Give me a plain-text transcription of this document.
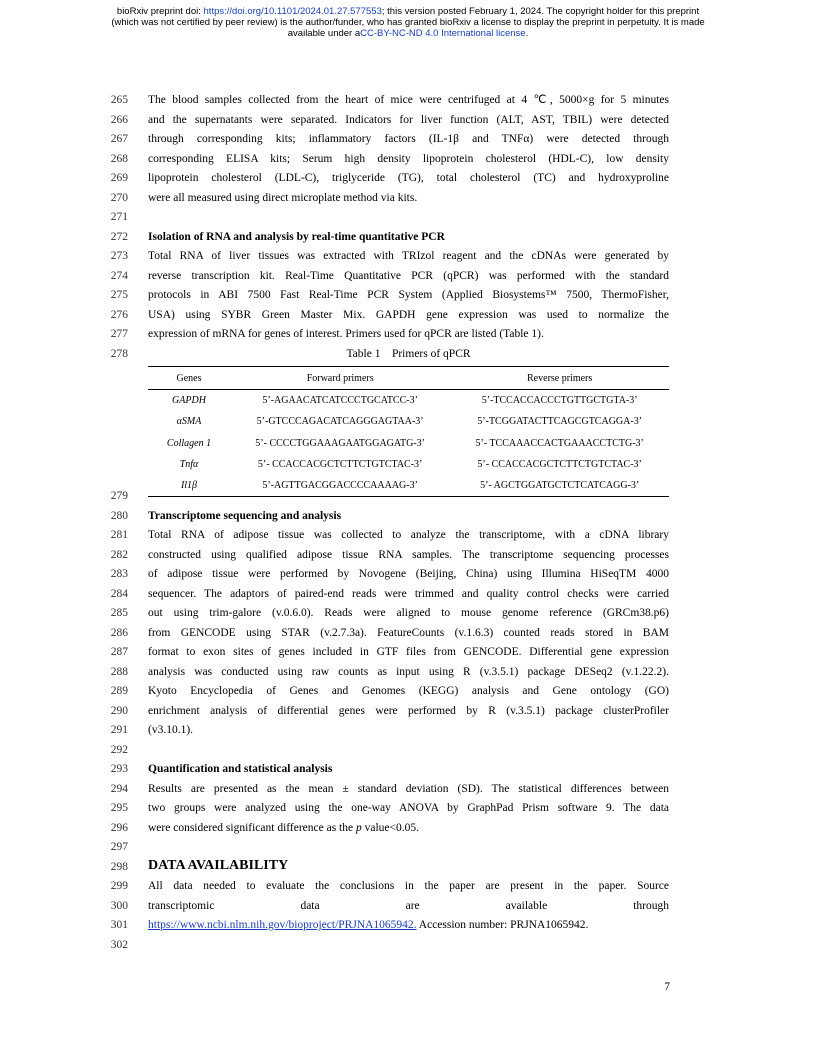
bioRxiv preprint doi: https://doi.org/10.1101/2024.01.27.577553; this version posted February 1, 2024. The copyright holder for this preprint
(which was not certified by peer review) is the author/funder, who has granted bioRxiv a license to display the preprint in perpetuity. It is made
available under aCC-BY-NC-ND 4.0 International license.
265
266
267
268
269
270
271
272
273
274
275
276
277
278
279
280
281
282
283
284
285
286
287
288
289
290
291
292
293
294
295
296
297
298
299
300
301
302
The blood samples collected from the heart of mice were centrifuged at 4 ℃, 5000×g for 5 minutes
and the supernatants were separated. Indicators for liver function (ALT, AST, TBIL) were detected
through corresponding kits; inflammatory factors (IL-1β and TNFα) were detected through
corresponding ELISA kits; Serum high density lipoprotein cholesterol (HDL-C), low density
lipoprotein cholesterol (LDL-C), triglyceride (TG), total cholesterol (TC) and hydroxyproline
were all measured using direct microplate method via kits.
Isolation of RNA and analysis by real-time quantitative PCR
Total RNA of liver tissues was extracted with TRIzol reagent and the cDNAs were generated by
reverse transcription kit. Real-Time Quantitative PCR (qPCR) was performed with the standard
protocols in ABI 7500 Fast Real-Time PCR System (Applied Biosystems™ 7500, ThermoFisher,
USA) using SYBR Green Master Mix. GAPDH gene expression was used to normalize the
expression of mRNA for genes of interest. Primers used for qPCR are listed (Table 1).
Table 1    Primers of qPCR
Genes	Forward primers	Reverse primers
GAPDH	5’-AGAACATCATCCCTGCATCC-3’	5’-TCCACCACCCTGTTGCTGTA-3’
αSMA	5’-GTCCCAGACATCAGGGAGTAA-3’	5’-TCGGATACTTCAGCGTCAGGA-3’
Collagen 1	5’- CCCCTGGAAAGAATGGAGATG-3’	5’- TCCAAACCACTGAAACCTCTG-3’
Tnfα	5’- CCACCACGCTCTTCTGTCTAC-3’	5’- CCACCACGCTCTTCTGTCTAC-3’
Il1β	5’-AGTTGACGGACCCCAAAAG-3’	5’- AGCTGGATGCTCTCATCAGG-3’
Transcriptome sequencing and analysis
Total RNA of adipose tissue was collected to analyze the transcriptome, with a cDNA library
constructed using qualified adipose tissue RNA samples. The transcriptome sequencing processes
of adipose tissue were performed by Novogene (Beijing, China) using Illumina HiSeqTM 4000
sequencer. The adaptors of paired-end reads were trimmed and quality control checks were carried
out using trim-galore (v.0.6.0). Reads were aligned to mouse genome reference (GRCm38.p6)
from GENCODE using STAR (v.2.7.3a). FeatureCounts (v.1.6.3) counted reads stored in BAM
format to exon sites of genes included in GTF files from GENCODE. Differential gene expression
analysis was conducted using raw counts as input using R (v.3.5.1) package DESeq2 (v.1.22.2).
Kyoto Encyclopedia of Genes and Genomes (KEGG) analysis and Gene ontology (GO)
enrichment analysis of differential genes were performed by R (v.3.5.1) package clusterProfiler
(v3.10.1).
Quantification and statistical analysis
Results are presented as the mean ± standard deviation (SD). The statistical differences between
two groups were analyzed using the one-way ANOVA by GraphPad Prism software 9. The data
were considered significant difference as the p value<0.05.
DATA AVAILABILITY
All data needed to evaluate the conclusions in the paper are present in the paper. Source
transcriptomic data are available through
https://www.ncbi.nlm.nih.gov/bioproject/PRJNA1065942. Accession number: PRJNA1065942.
7
